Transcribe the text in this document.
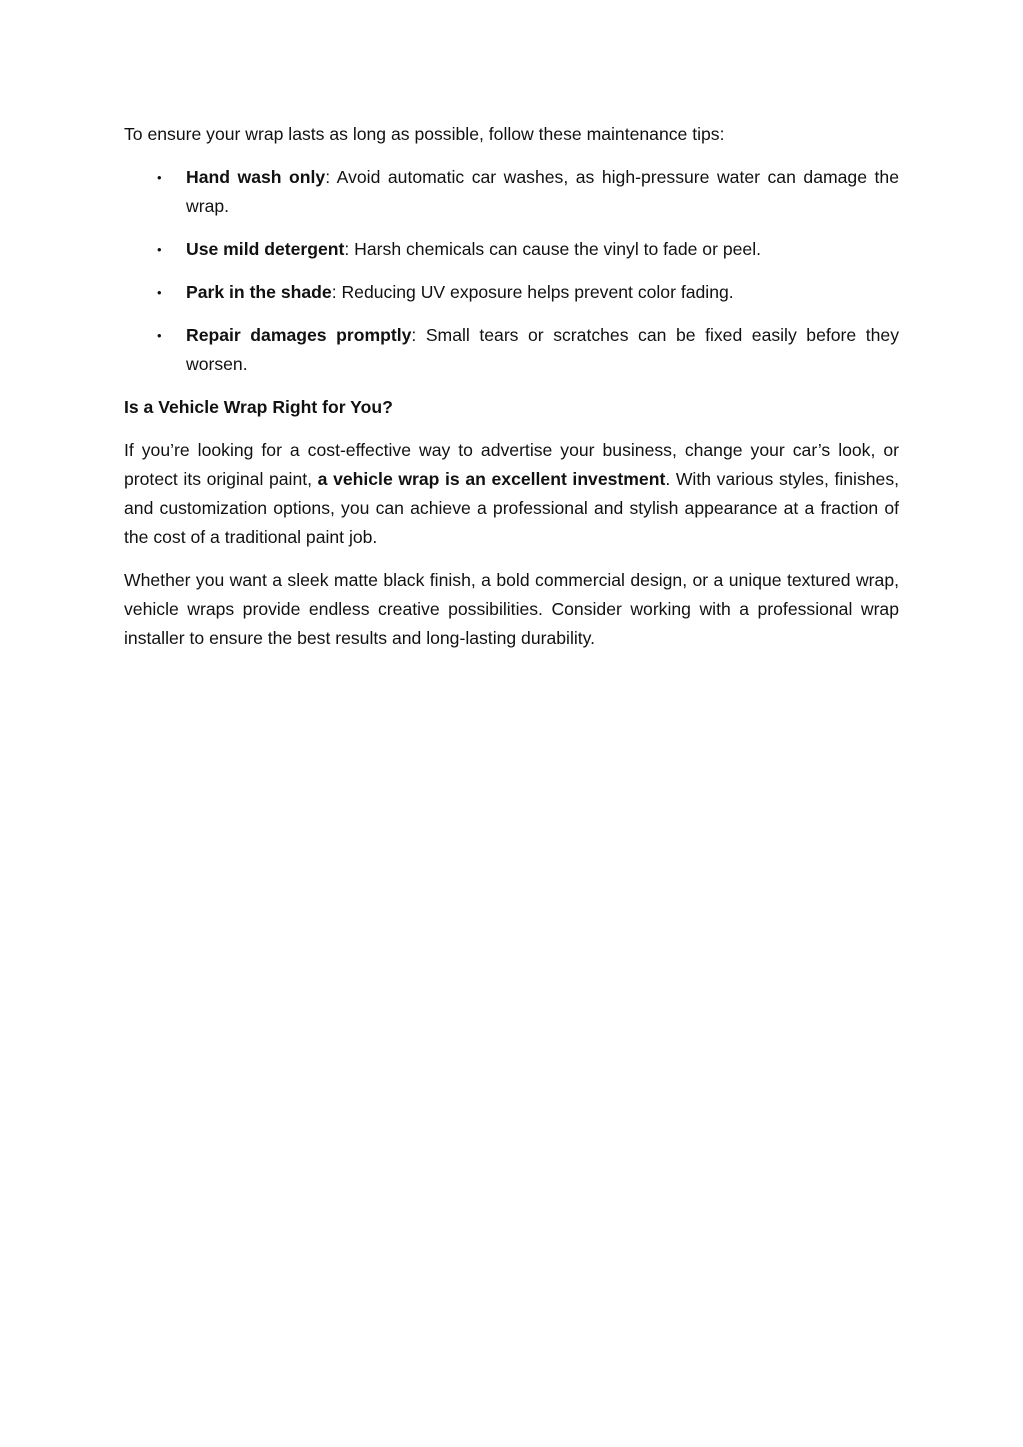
To ensure your wrap lasts as long as possible, follow these maintenance tips:

• Hand wash only: Avoid automatic car washes, as high-pressure water can damage the wrap.
• Use mild detergent: Harsh chemicals can cause the vinyl to fade or peel.
• Park in the shade: Reducing UV exposure helps prevent color fading.
• Repair damages promptly: Small tears or scratches can be fixed easily before they worsen.

Is a Vehicle Wrap Right for You?

If you’re looking for a cost-effective way to advertise your business, change your car’s look, or protect its original paint, a vehicle wrap is an excellent investment. With various styles, finishes, and customization options, you can achieve a professional and stylish appearance at a fraction of the cost of a traditional paint job.

Whether you want a sleek matte black finish, a bold commercial design, or a unique textured wrap, vehicle wraps provide endless creative possibilities. Consider working with a professional wrap installer to ensure the best results and long-lasting durability.
